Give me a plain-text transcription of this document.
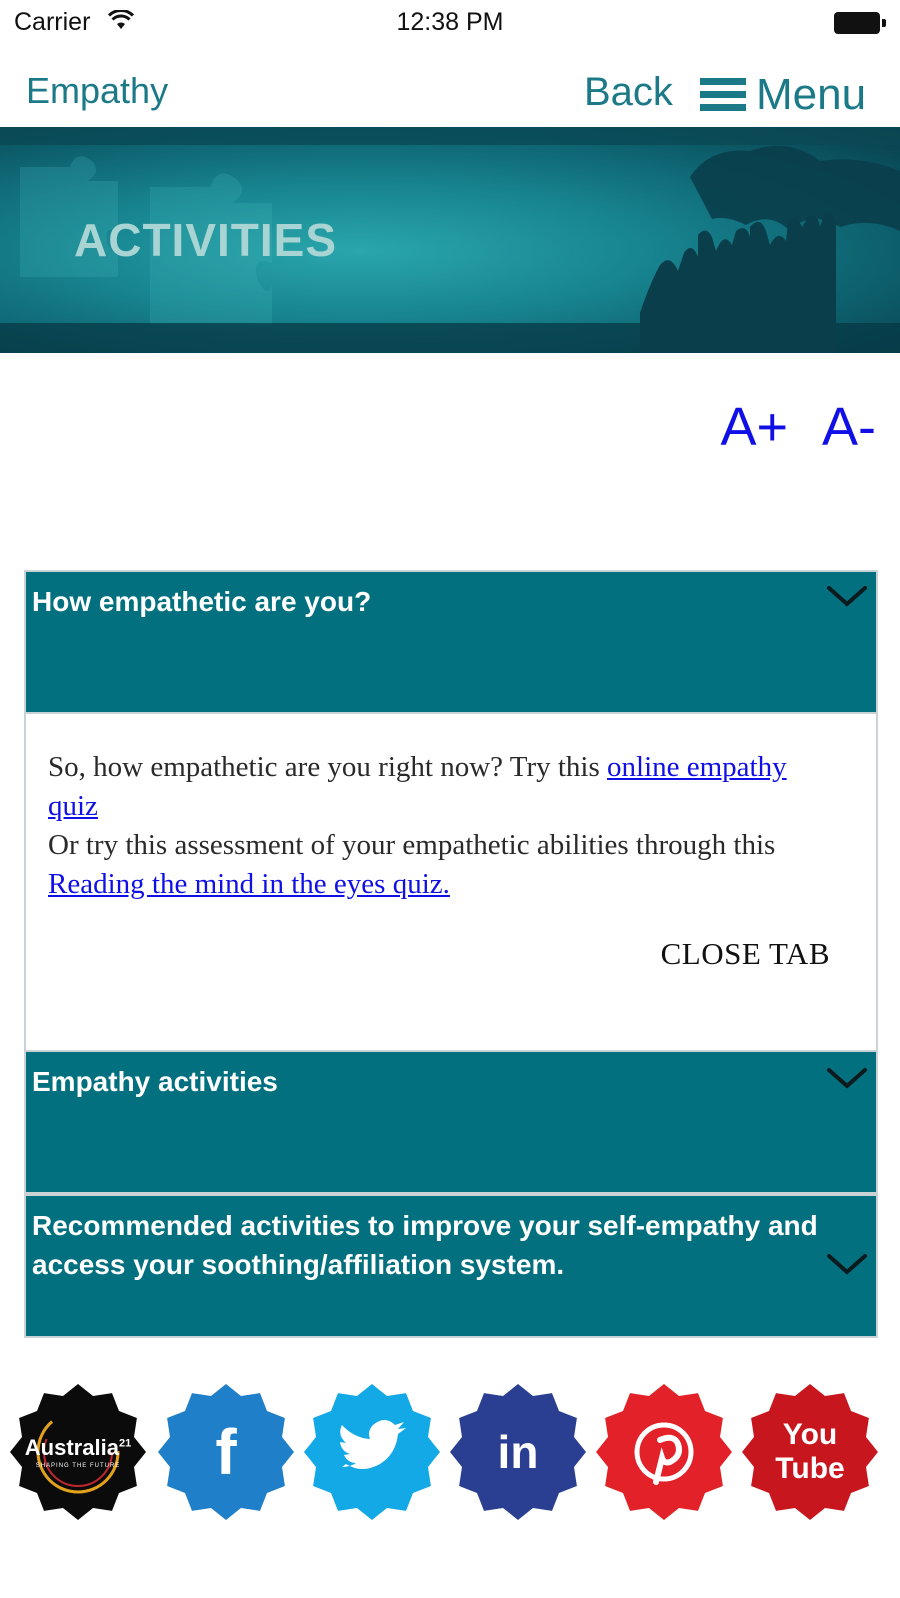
Carrier	12:38 PM
Empathy	Back Menu
ACTIVITIES
A+ A-
How empathetic are you?
So, how empathetic are you right now? Try this online empathy quiz
Or try this assessment of your empathetic abilities through this Reading the mind in the eyes quiz.
CLOSE TAB
Empathy activities
Recommended activities to improve your self-empathy and access your soothing/affiliation system.
Australia$^{21}$
SHAPING THE FUTURE	f	in	You
Tube
